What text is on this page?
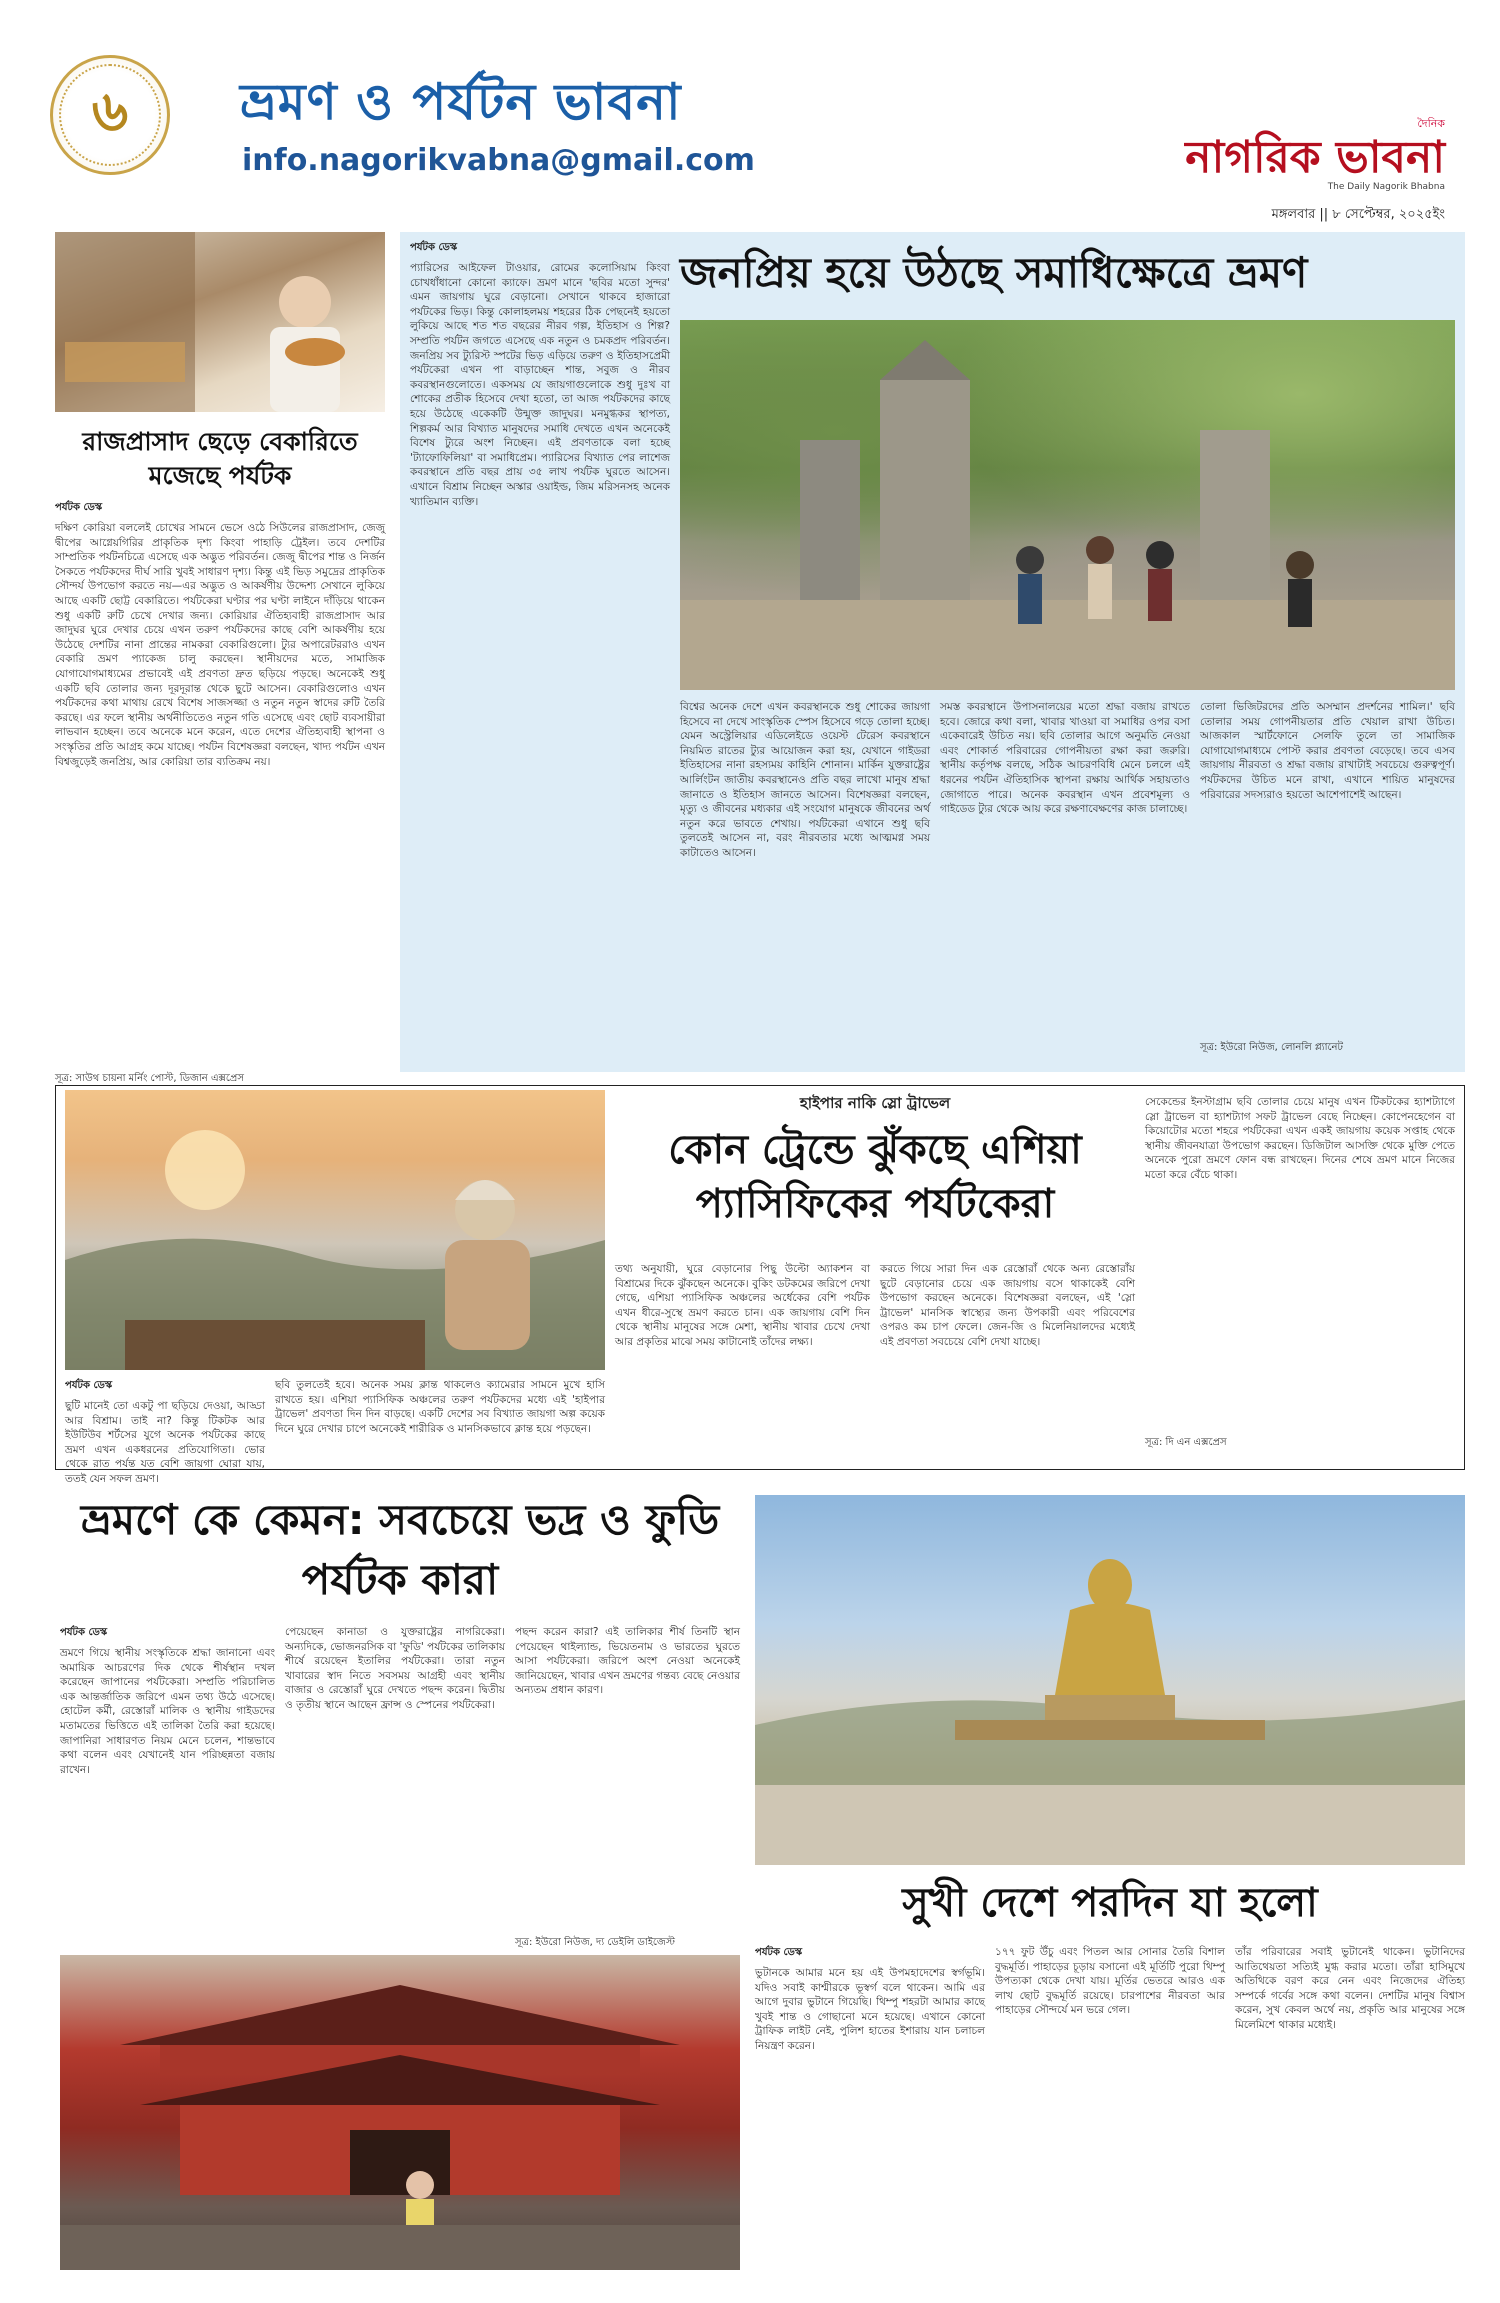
৬ ভ্রমণ ও পর্যটন ভাবনা
info.nagorikvabna@gmail.com
দৈনিক
নাগরিক ভাবনা
The Daily Nagorik Bhabna
মঙ্গলবার || ৮ সেপ্টেম্বর, ২০২৫ইং
রাজপ্রাসাদ ছেড়ে বেকারিতে মজেছে পর্যটক
পর্যটক ডেস্ক
দক্ষিণ কোরিয়া বললেই চোখের সামনে ভেসে ওঠে সিউলের রাজপ্রাসাদ, জেজু দ্বীপের আগ্নেয়গিরির প্রাকৃতিক দৃশ্য কিংবা পাহাড়ি ট্রেইল। তবে দেশটির সাম্প্রতিক পর্যটনচিত্রে এসেছে এক অদ্ভুত পরিবর্তন। জেজু দ্বীপের শান্ত ও নির্জন সৈকতে পর্যটকদের দীর্ঘ সারি খুবই সাধারণ দৃশ্য। কিন্তু এই ভিড় সমুদ্রের প্রাকৃতিক সৌন্দর্য উপভোগ করতে নয়—এর অদ্ভুত ও আকর্ষণীয় উদ্দেশ্য সেখানে লুকিয়ে আছে একটি ছোট্ট বেকারিতে। পর্যটকেরা ঘণ্টার পর ঘণ্টা লাইনে দাঁড়িয়ে থাকেন শুধু একটি রুটি চেখে দেখার জন্য। কোরিয়ার ঐতিহ্যবাহী রাজপ্রাসাদ আর জাদুঘর ঘুরে দেখার চেয়ে এখন তরুণ পর্যটকদের কাছে বেশি আকর্ষণীয় হয়ে উঠেছে দেশটির নানা প্রান্তের নামকরা বেকারিগুলো। ট্যুর অপারেটররাও এখন বেকারি ভ্রমণ প্যাকেজ চালু করছেন। স্থানীয়দের মতে, সামাজিক যোগাযোগমাধ্যমের প্রভাবেই এই প্রবণতা দ্রুত ছড়িয়ে পড়ছে। অনেকেই শুধু একটি ছবি তোলার জন্য দূরদূরান্ত থেকে ছুটে আসেন। বেকারিগুলোও এখন পর্যটকদের কথা মাথায় রেখে বিশেষ সাজসজ্জা ও নতুন নতুন স্বাদের রুটি তৈরি করছে। এর ফলে স্থানীয় অর্থনীতিতেও নতুন গতি এসেছে এবং ছোট ব্যবসায়ীরা লাভবান হচ্ছেন। তবে অনেকে মনে করেন, এতে দেশের ঐতিহ্যবাহী স্থাপনা ও সংস্কৃতির প্রতি আগ্রহ কমে যাচ্ছে। পর্যটন বিশেষজ্ঞরা বলছেন, খাদ্য পর্যটন এখন বিশ্বজুড়েই জনপ্রিয়, আর কোরিয়া তার ব্যতিক্রম নয়।
সূত্র: সাউথ চায়না মর্নিং পোস্ট, ডিজান এক্সপ্রেস
পর্যটক ডেস্ক
প্যারিসের আইফেল টাওয়ার, রোমের কলোসিয়াম কিংবা চোখধাঁধানো কোনো ক্যাফে। ভ্রমণ মানে 'ছবির মতো সুন্দর' এমন জায়গায় ঘুরে বেড়ানো। সেখানে থাকবে হাজারো পর্যটকের ভিড়। কিন্তু কোলাহলময় শহরের ঠিক পেছনেই হয়তো লুকিয়ে আছে শত শত বছরের নীরব গল্প, ইতিহাস ও শিল্প? সম্প্রতি পর্যটন জগতে এসেছে এক নতুন ও চমকপ্রদ পরিবর্তন। জনপ্রিয় সব ট্যুরিস্ট স্পটের ভিড় এড়িয়ে তরুণ ও ইতিহাসপ্রেমী পর্যটকেরা এখন পা বাড়াচ্ছেন শান্ত, সবুজ ও নীরব কবরস্থানগুলোতে। একসময় যে জায়গাগুলোকে শুধু দুঃখ বা শোকের প্রতীক হিসেবে দেখা হতো, তা আজ পর্যটকদের কাছে হয়ে উঠেছে একেকটি উন্মুক্ত জাদুঘর। মনমুগ্ধকর স্থাপত্য, শিল্পকর্ম আর বিখ্যাত মানুষদের সমাধি দেখতে এখন অনেকেই বিশেষ ট্যুরে অংশ নিচ্ছেন। এই প্রবণতাকে বলা হচ্ছে 'ট্যাফোফিলিয়া' বা সমাধিপ্রেম। প্যারিসের বিখ্যাত পের লাশেজ কবরস্থানে প্রতি বছর প্রায় ৩৫ লাখ পর্যটক ঘুরতে আসেন। এখানে বিশ্রাম নিচ্ছেন অস্কার ওয়াইল্ড, জিম মরিসনসহ অনেক খ্যাতিমান ব্যক্তি।
জনপ্রিয় হয়ে উঠছে সমাধিক্ষেত্রে ভ্রমণ
বিশ্বের অনেক দেশে এখন কবরস্থানকে শুধু শোকের জায়গা হিসেবে না দেখে সাংস্কৃতিক স্পেস হিসেবে গড়ে তোলা হচ্ছে। যেমন অস্ট্রেলিয়ার এডিলেইডে ওয়েস্ট টেরেস কবরস্থানে নিয়মিত রাতের ট্যুর আয়োজন করা হয়, যেখানে গাইডরা ইতিহাসের নানা রহস্যময় কাহিনি শোনান। মার্কিন যুক্তরাষ্ট্রের আর্লিংটন জাতীয় কবরস্থানেও প্রতি বছর লাখো মানুষ শ্রদ্ধা জানাতে ও ইতিহাস জানতে আসেন। বিশেষজ্ঞরা বলছেন, মৃত্যু ও জীবনের মধ্যকার এই সংযোগ মানুষকে জীবনের অর্থ নতুন করে ভাবতে শেখায়। পর্যটকেরা এখানে শুধু ছবি তুলতেই আসেন না, বরং নীরবতার মধ্যে আত্মমগ্ন সময় কাটাতেও আসেন।
সমস্ত কবরস্থানে উপাসনালয়ের মতো শ্রদ্ধা বজায় রাখতে হবে। জোরে কথা বলা, খাবার খাওয়া বা সমাধির ওপর বসা একেবারেই উচিত নয়। ছবি তোলার আগে অনুমতি নেওয়া এবং শোকার্ত পরিবারের গোপনীয়তা রক্ষা করা জরুরি। স্থানীয় কর্তৃপক্ষ বলছে, সঠিক আচরণবিধি মেনে চললে এই ধরনের পর্যটন ঐতিহাসিক স্থাপনা রক্ষায় আর্থিক সহায়তাও জোগাতে পারে। অনেক কবরস্থান এখন প্রবেশমূল্য ও গাইডেড ট্যুর থেকে আয় করে রক্ষণাবেক্ষণের কাজ চালাচ্ছে।
তোলা ভিজিটরদের প্রতি অসম্মান প্রদর্শনের শামিল।' ছবি তোলার সময় গোপনীয়তার প্রতি খেয়াল রাখা উচিত। আজকাল স্মার্টফোনে সেলফি তুলে তা সামাজিক যোগাযোগমাধ্যমে পোস্ট করার প্রবণতা বেড়েছে। তবে এসব জায়গায় নীরবতা ও শ্রদ্ধা বজায় রাখাটাই সবচেয়ে গুরুত্বপূর্ণ। পর্যটকদের উচিত মনে রাখা, এখানে শায়িত মানুষদের পরিবারের সদস্যরাও হয়তো আশেপাশেই আছেন।
সূত্র: ইউরো নিউজ, লোনলি প্ল্যানেট
পর্যটক ডেস্ক
ছুটি মানেই তো একটু পা ছড়িয়ে দেওয়া, আড্ডা আর বিশ্রাম। তাই না? কিন্তু টিকটক আর ইউটিউব শর্টসের যুগে অনেক পর্যটকের কাছে ভ্রমণ এখন একধরনের প্রতিযোগিতা। ভোর থেকে রাত পর্যন্ত যত বেশি জায়গা ঘোরা যায়, ততই যেন সফল ভ্রমণ।
ছবি তুলতেই হবে। অনেক সময় ক্লান্ত থাকলেও ক্যামেরার সামনে মুখে হাসি রাখতে হয়। এশিয়া প্যাসিফিক অঞ্চলের তরুণ পর্যটকদের মধ্যে এই 'হাইপার ট্রাভেল' প্রবণতা দিন দিন বাড়ছে। একটি দেশের সব বিখ্যাত জায়গা অল্প কয়েক দিনে ঘুরে দেখার চাপে অনেকেই শারীরিক ও মানসিকভাবে ক্লান্ত হয়ে পড়ছেন।
হাইপার নাকি স্লো ট্রাভেল
কোন ট্রেন্ডে ঝুঁকছে এশিয়া প্যাসিফিকের পর্যটকেরা
তথ্য অনুযায়ী, ঘুরে বেড়ানোর পিছু উল্টো অ্যাকশন বা বিশ্রামের দিকে ঝুঁকছেন অনেকে। বুকিং ডটকমের জরিপে দেখা গেছে, এশিয়া প্যাসিফিক অঞ্চলের অর্ধেকের বেশি পর্যটক এখন ধীরে-সুস্থে ভ্রমণ করতে চান। এক জায়গায় বেশি দিন থেকে স্থানীয় মানুষের সঙ্গে মেশা, স্থানীয় খাবার চেখে দেখা আর প্রকৃতির মাঝে সময় কাটানোই তাঁদের লক্ষ্য।
করতে গিয়ে সারা দিন এক রেস্তোরাঁ থেকে অন্য রেস্তোরাঁয় ছুটে বেড়ানোর চেয়ে এক জায়গায় বসে থাকাকেই বেশি উপভোগ করছেন অনেকে। বিশেষজ্ঞরা বলছেন, এই 'স্লো ট্রাভেল' মানসিক স্বাস্থ্যের জন্য উপকারী এবং পরিবেশের ওপরও কম চাপ ফেলে। জেন-জি ও মিলেনিয়ালদের মধ্যেই এই প্রবণতা সবচেয়ে বেশি দেখা যাচ্ছে।
সেকেন্ডের ইনস্টাগ্রাম ছবি তোলার চেয়ে মানুষ এখন টিকটকের হ্যাশট্যাগে স্লো ট্রাভেল বা হ্যাশট্যাগ সফট ট্রাভেল বেছে নিচ্ছেন। কোপেনহেগেন বা কিয়োটোর মতো শহরে পর্যটকেরা এখন একই জায়গায় কয়েক সপ্তাহ থেকে স্থানীয় জীবনযাত্রা উপভোগ করছেন। ডিজিটাল আসক্তি থেকে মুক্তি পেতে অনেকে পুরো ভ্রমণে ফোন বন্ধ রাখছেন। দিনের শেষে ভ্রমণ মানে নিজের মতো করে বেঁচে থাকা।
সূত্র: দি এন এক্সপ্রেস
ভ্রমণে কে কেমন: সবচেয়ে ভদ্র ও ফুডি পর্যটক কারা
পর্যটক ডেস্ক
ভ্রমণে গিয়ে স্থানীয় সংস্কৃতিকে শ্রদ্ধা জানানো এবং অমায়িক আচরণের দিক থেকে শীর্ষস্থান দখল করেছেন জাপানের পর্যটকেরা। সম্প্রতি পরিচালিত এক আন্তর্জাতিক জরিপে এমন তথ্য উঠে এসেছে। হোটেল কর্মী, রেস্তোরাঁ মালিক ও স্থানীয় গাইডদের মতামতের ভিত্তিতে এই তালিকা তৈরি করা হয়েছে। জাপানিরা সাধারণত নিয়ম মেনে চলেন, শান্তভাবে কথা বলেন এবং যেখানেই যান পরিচ্ছন্নতা বজায় রাখেন।
পেয়েছেন কানাডা ও যুক্তরাষ্ট্রের নাগরিকেরা। অন্যদিকে, ভোজনরসিক বা 'ফুডি' পর্যটকের তালিকায় শীর্ষে রয়েছেন ইতালির পর্যটকেরা। তারা নতুন খাবারের স্বাদ নিতে সবসময় আগ্রহী এবং স্থানীয় বাজার ও রেস্তোরাঁ ঘুরে দেখতে পছন্দ করেন। দ্বিতীয় ও তৃতীয় স্থানে আছেন ফ্রান্স ও স্পেনের পর্যটকেরা।
পছন্দ করেন কারা? এই তালিকার শীর্ষ তিনটি স্থান পেয়েছেন থাইল্যান্ড, ভিয়েতনাম ও ভারতের ঘুরতে আসা পর্যটকেরা। জরিপে অংশ নেওয়া অনেকেই জানিয়েছেন, খাবার এখন ভ্রমণের গন্তব্য বেছে নেওয়ার অন্যতম প্রধান কারণ।
সূত্র: ইউরো নিউজ, দ্য ডেইলি ডাইজেস্ট
সুখী দেশে পরদিন যা হলো
পর্যটক ডেস্ক
ভুটানকে আমার মনে হয় এই উপমহাদেশের স্বর্গভূমি। যদিও সবাই কাশ্মীরকে ভূস্বর্গ বলে থাকেন। আমি এর আগে দুবার ভুটানে গিয়েছি। থিম্পু শহরটা আমার কাছে খুবই শান্ত ও গোছানো মনে হয়েছে। এখানে কোনো ট্রাফিক লাইট নেই, পুলিশ হাতের ইশারায় যান চলাচল নিয়ন্ত্রণ করেন।
১৭৭ ফুট উঁচু এবং পিতল আর সোনার তৈরি বিশাল বুদ্ধমূর্তি। পাহাড়ের চূড়ায় বসানো এই মূর্তিটি পুরো থিম্পু উপত্যকা থেকে দেখা যায়। মূর্তির ভেতরে আরও এক লাখ ছোট বুদ্ধমূর্তি রয়েছে। চারপাশের নীরবতা আর পাহাড়ের সৌন্দর্যে মন ভরে গেল।
তাঁর পরিবারের সবাই ভুটানেই থাকেন। ভুটানিদের আতিথেয়তা সত্যিই মুগ্ধ করার মতো। তাঁরা হাসিমুখে অতিথিকে বরণ করে নেন এবং নিজেদের ঐতিহ্য সম্পর্কে গর্বের সঙ্গে কথা বলেন। দেশটির মানুষ বিশ্বাস করেন, সুখ কেবল অর্থে নয়, প্রকৃতি আর মানুষের সঙ্গে মিলেমিশে থাকার মধ্যেই।
